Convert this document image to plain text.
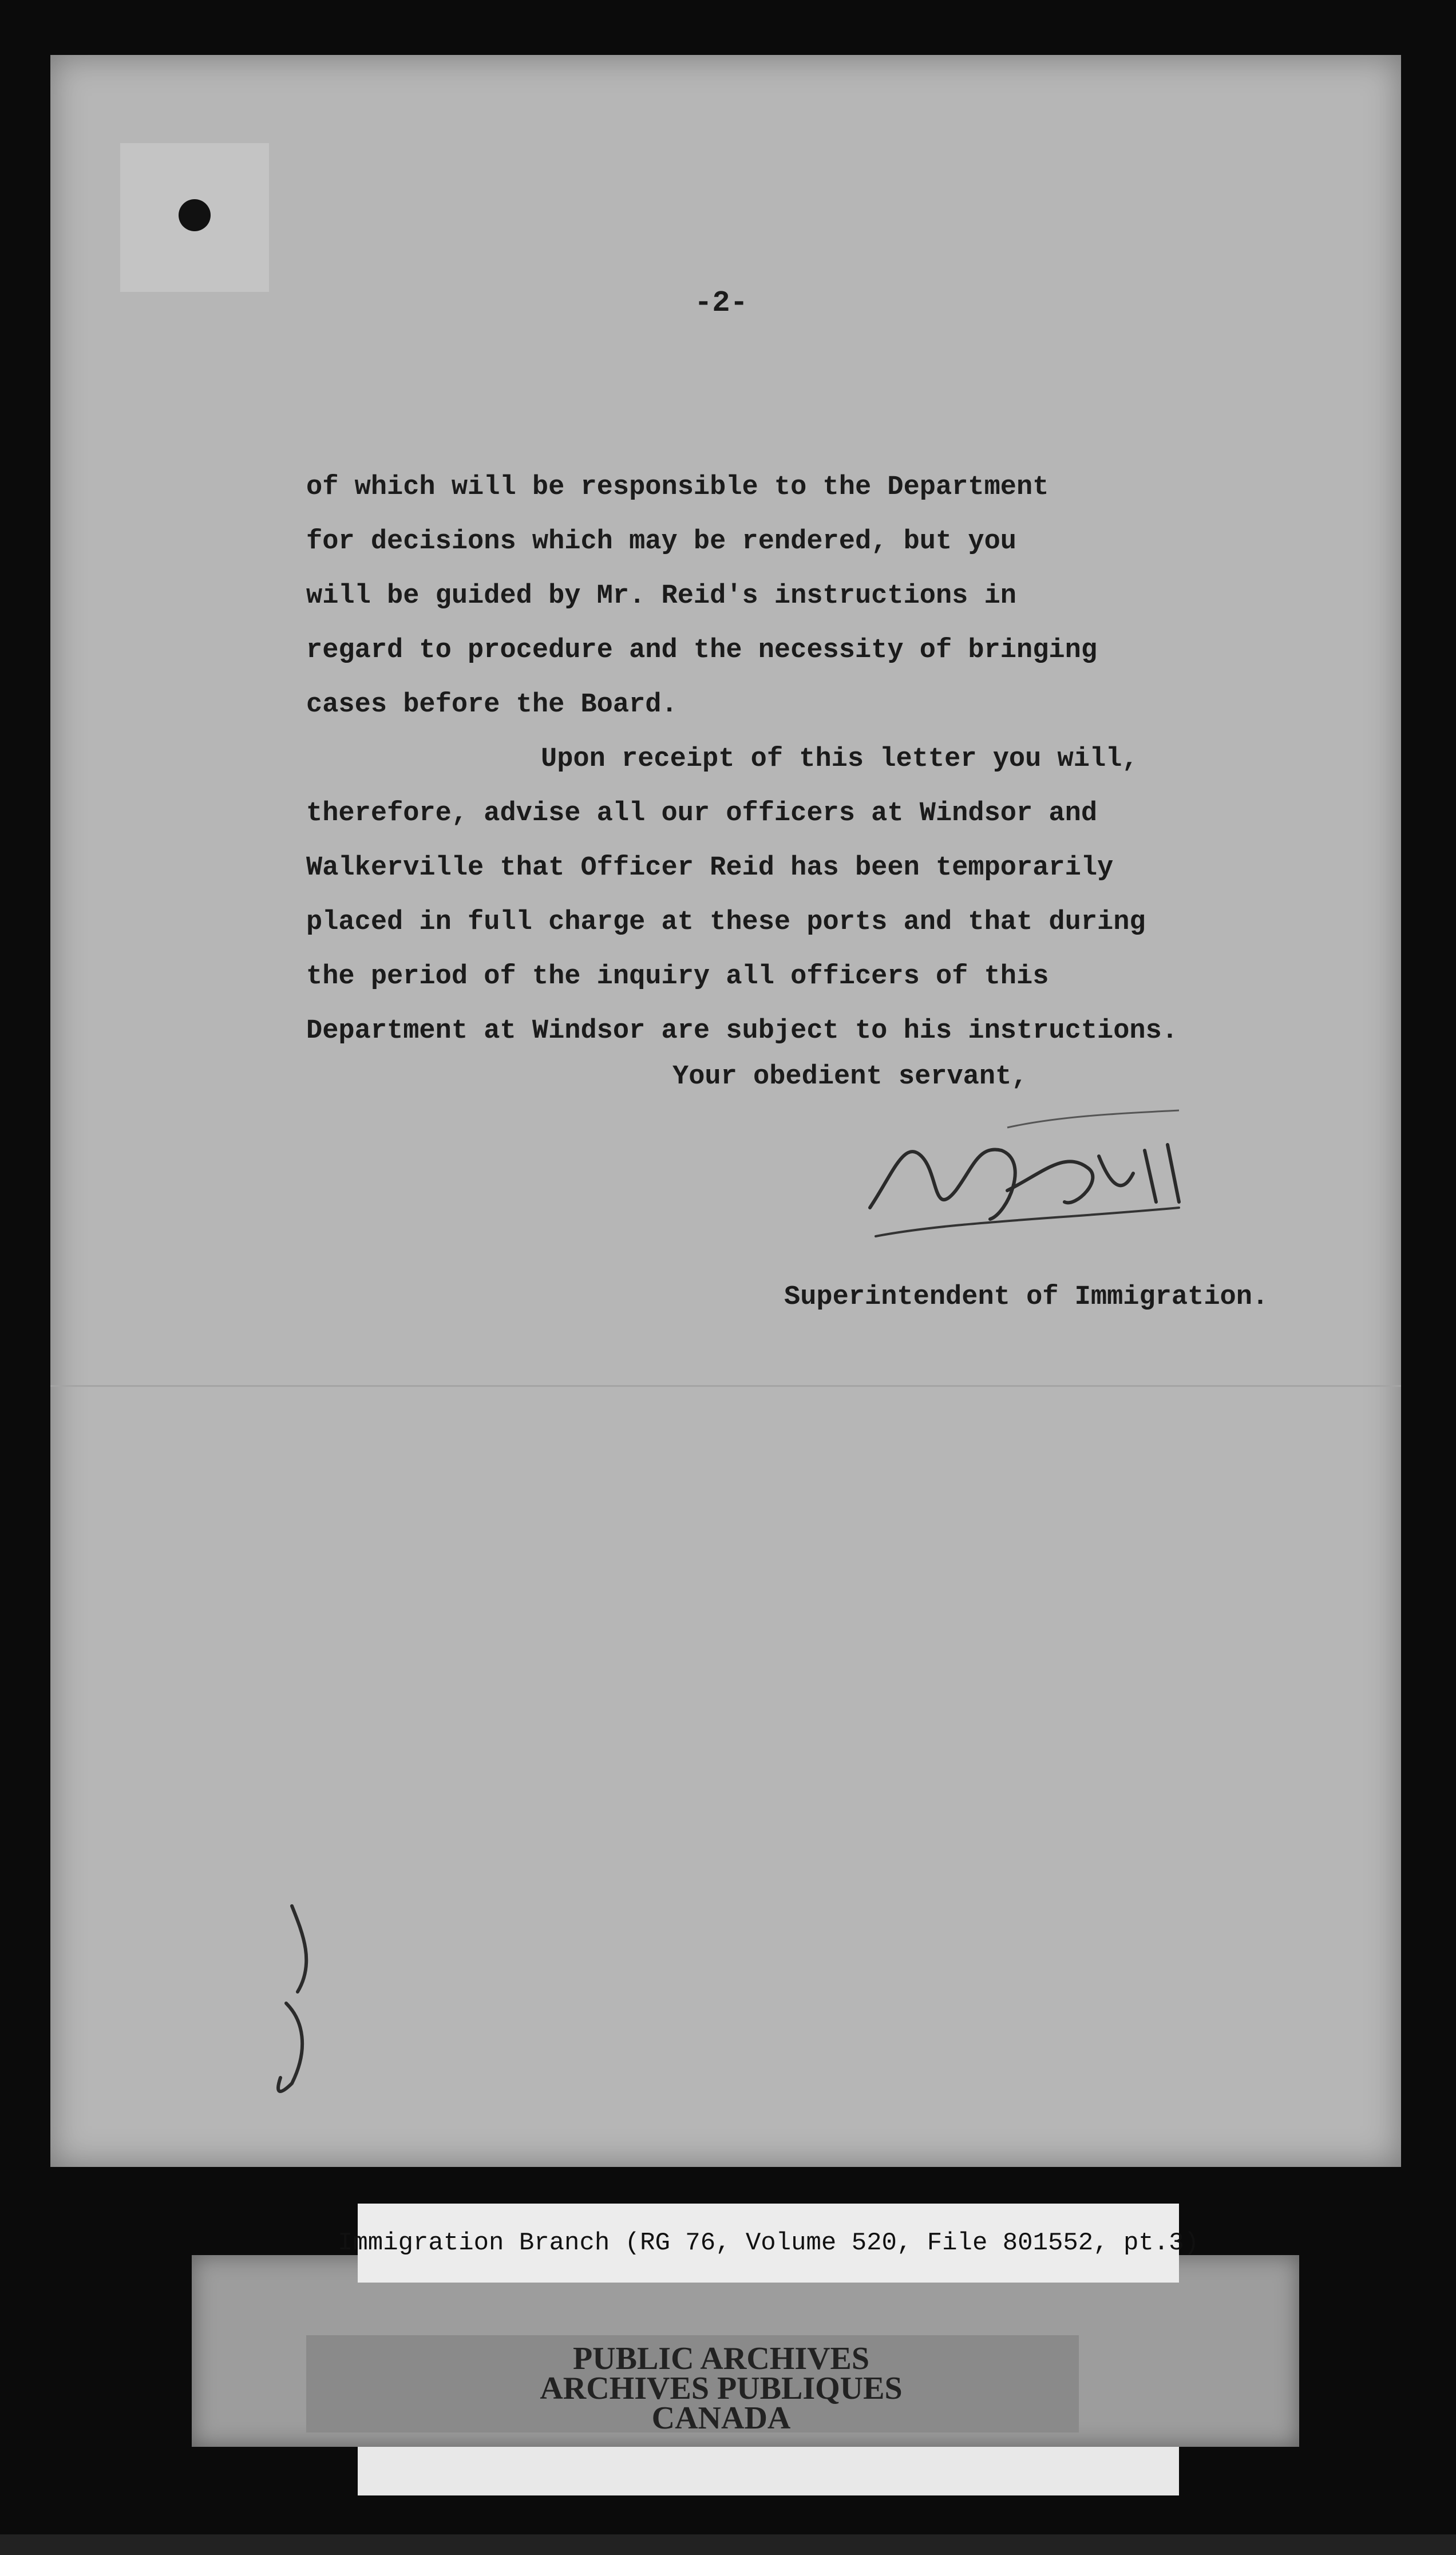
-2-
of which will be responsible to the Department
for decisions which may be rendered, but you
will be guided by Mr. Reid's instructions in
regard to procedure and the necessity of bringing
cases before the Board.
Upon receipt of this letter you will,
therefore, advise all our officers at Windsor and
Walkerville that Officer Reid has been temporarily
placed in full charge at these ports and that during
the period of the inquiry all officers of this
Department at Windsor are subject to his instructions.
Your obedient servant,
Superintendent of Immigration.
Immigration Branch (RG 76, Volume 520, File 801552, pt.3)
PUBLIC ARCHIVES
ARCHIVES PUBLIQUES
CANADA
